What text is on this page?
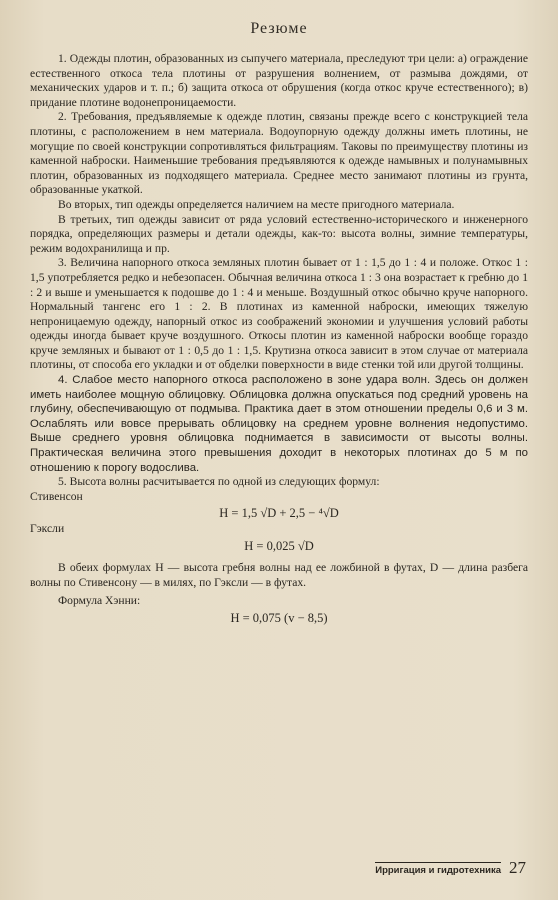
Резюме

1. Одежды плотин, образованных из сыпучего материала, преследуют три цели: а) ограждение естественного откоса тела плотины от разрушения волнением, от размыва дождями, от механических ударов и т. п.; б) защита откоса от обрушения (когда откос круче естественного); в) придание плотине водонепроницаемости.

2. Требования, предъявляемые к одежде плотин, связаны прежде всего с конструкцией тела плотины, с расположением в нем материала. Водоупорную одежду должны иметь плотины, не могущие по своей конструкции сопротивляться фильтрациям. Таковы по преимуществу плотины из каменной наброски. Наименьшие требования предъявляются к одежде намывных и полунамывных плотин, образованных из подходящего материала. Среднее место занимают плотины из грунта, образованные укаткой.

Во вторых, тип одежды определяется наличием на месте пригодного материала.

В третьих, тип одежды зависит от ряда условий естественно-исторического и инженерного порядка, определяющих размеры и детали одежды, как-то: высота волны, зимние температуры, режим водохранилища и пр.

3. Величина напорного откоса земляных плотин бывает от 1 : 1,5 до 1 : 4 и положе. Откос 1 : 1,5 употребляется редко и небезопасен. Обычная величина откоса 1 : 3 она возрастает к гребню до 1 : 2 и выше и уменьшается к подошве до 1 : 4 и меньше. Воздушный откос обычно круче напорного. Нормальный тангенс его 1 : 2. В плотинах из каменной наброски, имеющих тяжелую непроницаемую одежду, напорный откос из соображений экономии и улучшения условий работы одежды иногда бывает круче воздушного. Откосы плотин из каменной наброски вообще гораздо круче земляных и бывают от 1 : 0,5 до 1 : 1,5. Крутизна откоса зависит в этом случае от материала плотины, от способа его укладки и от обделки поверхности в виде стенки той или другой толщины.

4. Слабое место напорного откоса расположено в зоне удара волн. Здесь он должен иметь наиболее мощную облицовку. Облицовка должна опускаться под средний уровень на глубину, обеспечивающую от подмыва. Практика дает в этом отношении пределы 0,6 и 3 м. Ослаблять или вовсе прерывать облицовку на среднем уровне волнения недопустимо. Выше среднего уровня облицовка поднимается в зависимости от высоты волны. Практическая величина этого превышения доходит в некоторых плотинах до 5 м по отношению к порогу водослива.

5. Высота волны расчитывается по одной из следующих формул:

Стивенсон

H = 1,5 √D + 2,5 − ⁴√D

Гэксли

H = 0,025 √D

В обеих формулах H — высота гребня волны над ее ложбиной в футах, D — длина разбега волны по Стивенсону — в милях, по Гэксли — в футах.

Формула Хэнни:

H = 0,075 (v − 8,5)

Ирригация и гидротехника 27
